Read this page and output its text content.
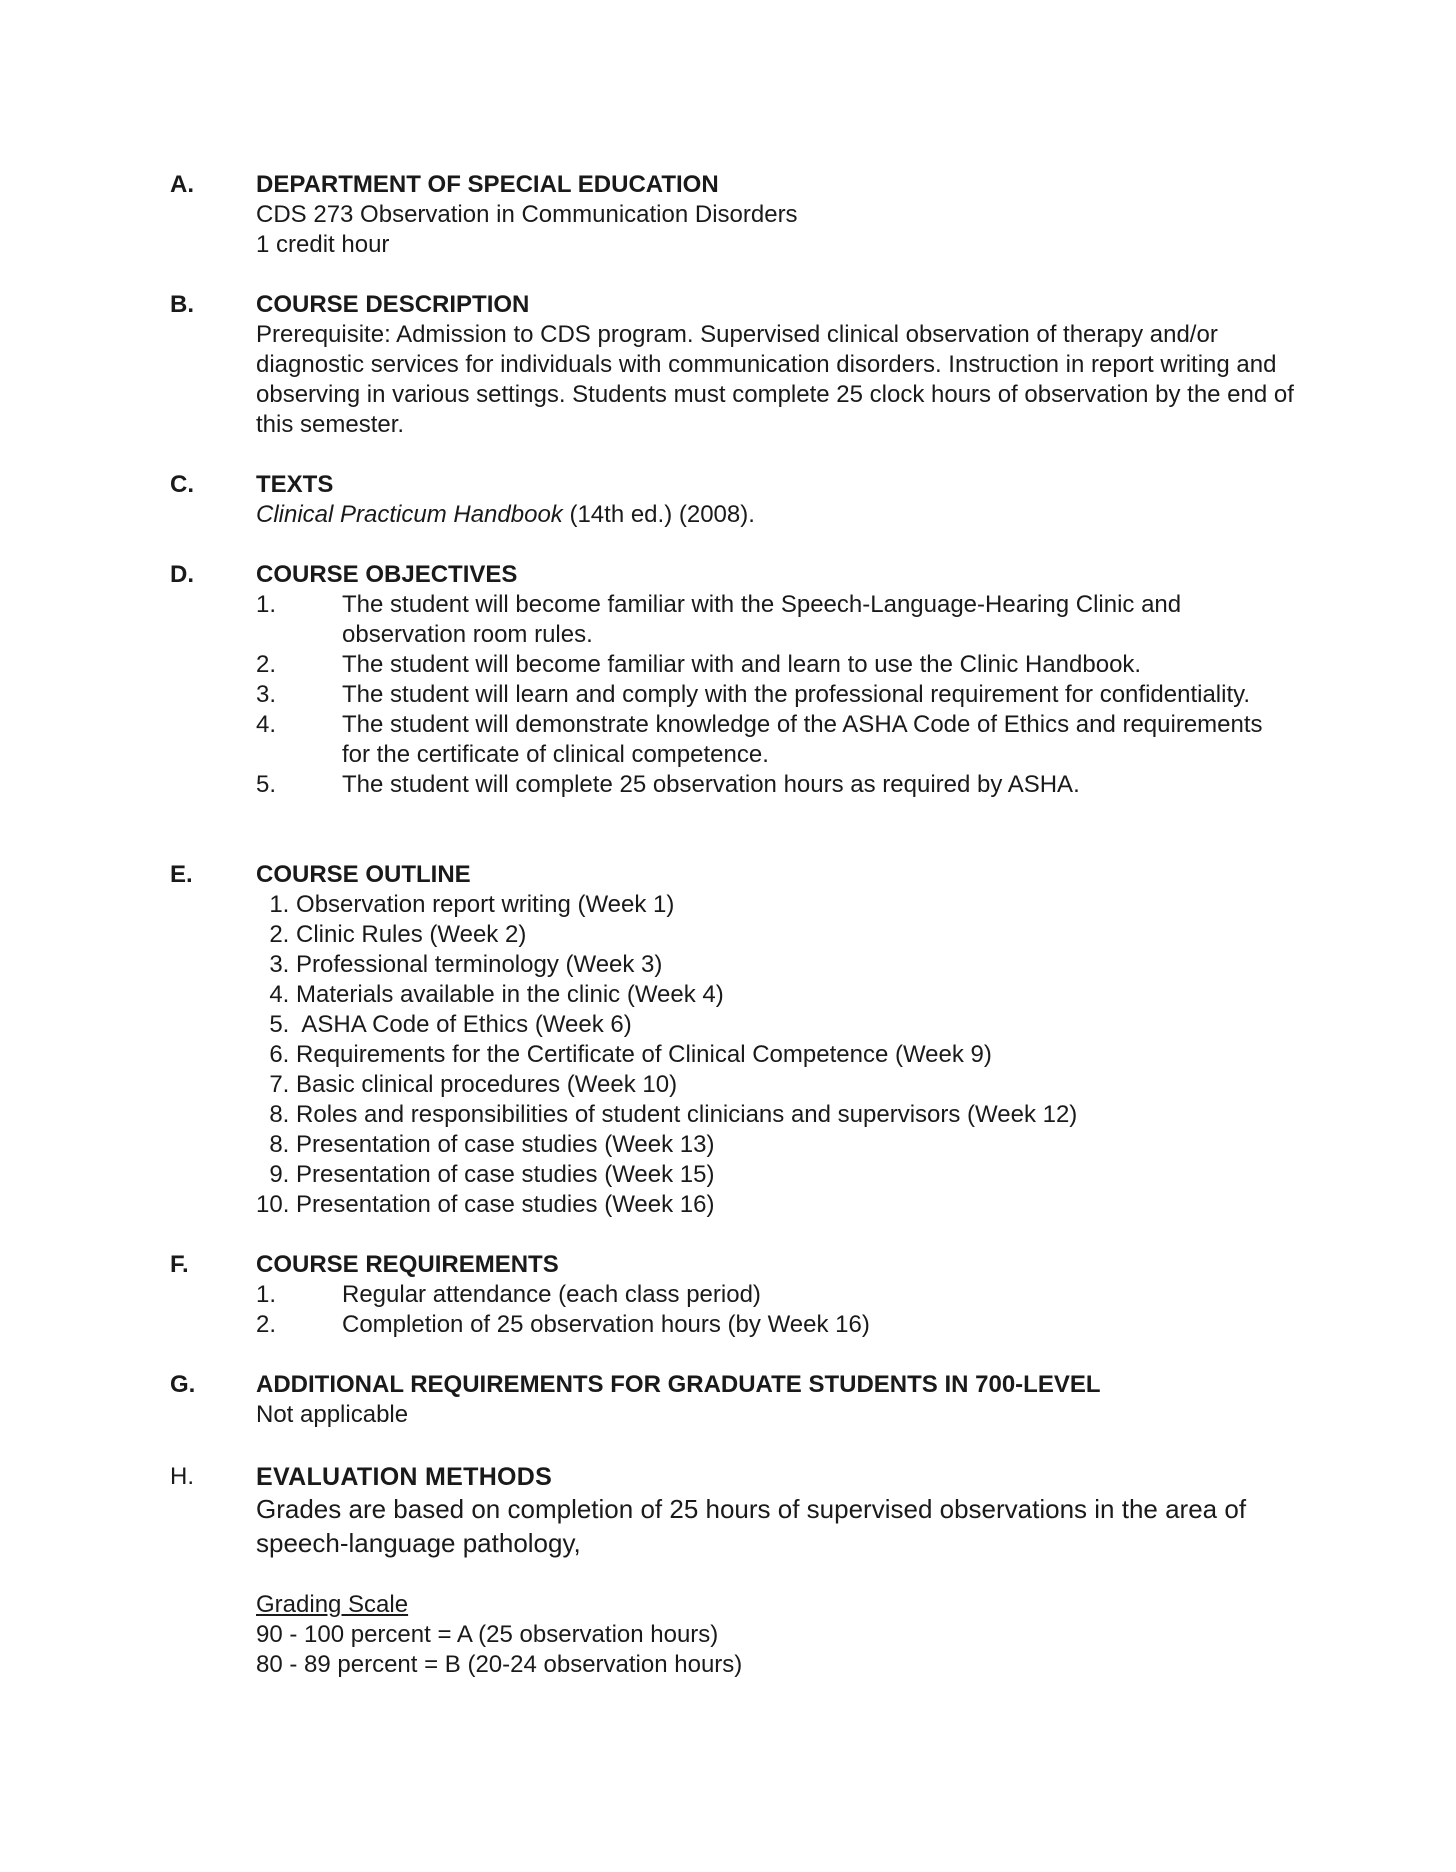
A.	DEPARTMENT OF SPECIAL EDUCATION
CDS 273 Observation in Communication Disorders
1 credit hour
B.	COURSE DESCRIPTION
Prerequisite: Admission to CDS program. Supervised clinical observation of therapy and/or diagnostic services for individuals with communication disorders. Instruction in report writing and observing in various settings. Students must complete 25 clock hours of observation by the end of this semester.
C.	TEXTS
Clinical Practicum Handbook (14th ed.) (2008).
D.	COURSE OBJECTIVES
1.	The student will become familiar with the Speech-Language-Hearing Clinic and observation room rules.
2.	The student will become familiar with and learn to use the Clinic Handbook.
3.	The student will learn and comply with the professional requirement for confidentiality.
4.	The student will demonstrate knowledge of the ASHA Code of Ethics and requirements for the certificate of clinical competence.
5.	The student will complete 25 observation hours as required by ASHA.
E.	COURSE OUTLINE
1. Observation report writing (Week 1)
2. Clinic Rules (Week 2)
3. Professional terminology (Week 3)
4. Materials available in the clinic (Week 4)
5.  ASHA Code of Ethics (Week 6)
6. Requirements for the Certificate of Clinical Competence (Week 9)
7. Basic clinical procedures (Week 10)
8. Roles and responsibilities of student clinicians and supervisors (Week 12)
8. Presentation of case studies (Week 13)
9. Presentation of case studies (Week 15)
10. Presentation of case studies (Week 16)
F.	COURSE REQUIREMENTS
1.	Regular attendance (each class period)
2.	Completion of 25 observation hours (by Week 16)
G.	ADDITIONAL REQUIREMENTS FOR GRADUATE STUDENTS IN 700-LEVEL
Not applicable
H. EVALUATION METHODS
Grades are based on completion of 25 hours of supervised observations in the area of speech-language pathology,
Grading Scale
90 - 100 percent = A (25 observation hours)
80 - 89 percent = B (20-24 observation hours)
